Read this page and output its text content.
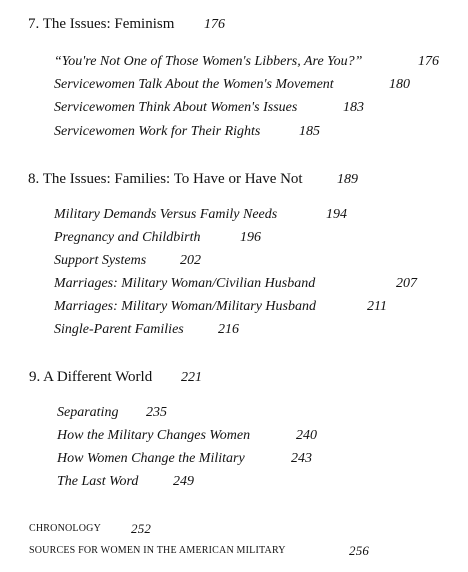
7. The Issues: Feminism 176
“You're Not One of Those Women's Libbers, Are You?”	176
Servicewomen Talk About the Women's Movement	180
Servicewomen Think About Women's Issues	183
Servicewomen Work for Their Rights	185
8. The Issues: Families: To Have or Have Not 189
Military Demands Versus Family Needs	194
Pregnancy and Childbirth	196
Support Systems 202
Marriages: Military Woman/Civilian Husband	207
Marriages: Military Woman/Military Husband	211
Single-Parent Families 216
9. A Different World 221
Separating 235
How the Military Changes Women	240
How Women Change the Military	243
The Last Word 249
CHRONOLOGY 252
SOURCES FOR WOMEN IN THE AMERICAN MILITARY	256
